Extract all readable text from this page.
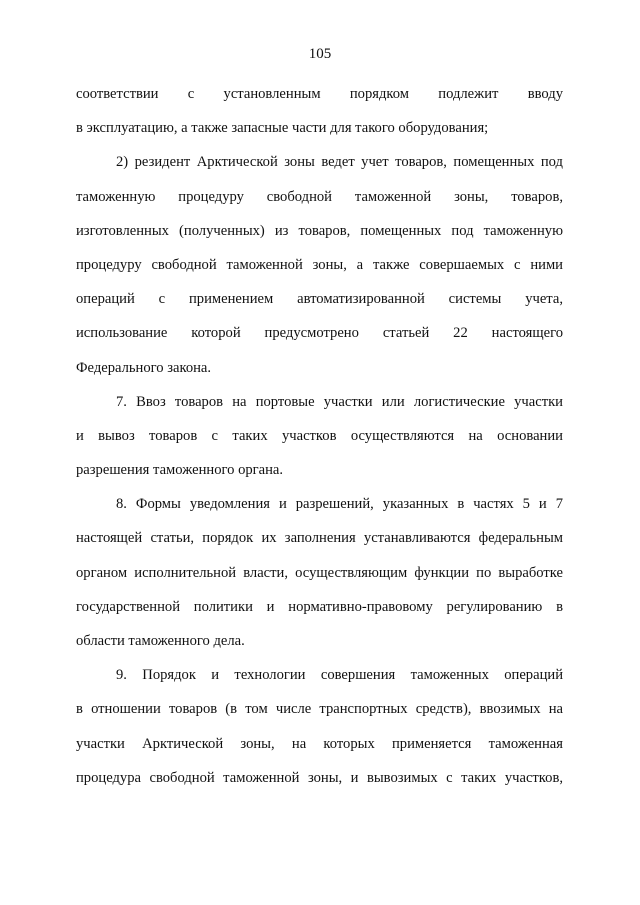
105
соответствии с установленным порядком подлежит вводу
в эксплуатацию, а также запасные части для такого оборудования;
2) резидент Арктической зоны ведет учет товаров, помещенных под
таможенную процедуру свободной таможенной зоны, товаров,
изготовленных (полученных) из товаров, помещенных под таможенную
процедуру свободной таможенной зоны, а также совершаемых с ними
операций с применением автоматизированной системы учета,
использование которой предусмотрено статьей 22 настоящего
Федерального закона.
7. Ввоз товаров на портовые участки или логистические участки
и вывоз товаров с таких участков осуществляются на основании
разрешения таможенного органа.
8. Формы уведомления и разрешений, указанных в частях 5 и 7
настоящей статьи, порядок их заполнения устанавливаются федеральным
органом исполнительной власти, осуществляющим функции по выработке
государственной политики и нормативно-правовому регулированию в
области таможенного дела.
9. Порядок и технологии совершения таможенных операций
в отношении товаров (в том числе транспортных средств), ввозимых на
участки Арктической зоны, на которых применяется таможенная
процедура свободной таможенной зоны, и вывозимых с таких участков,
